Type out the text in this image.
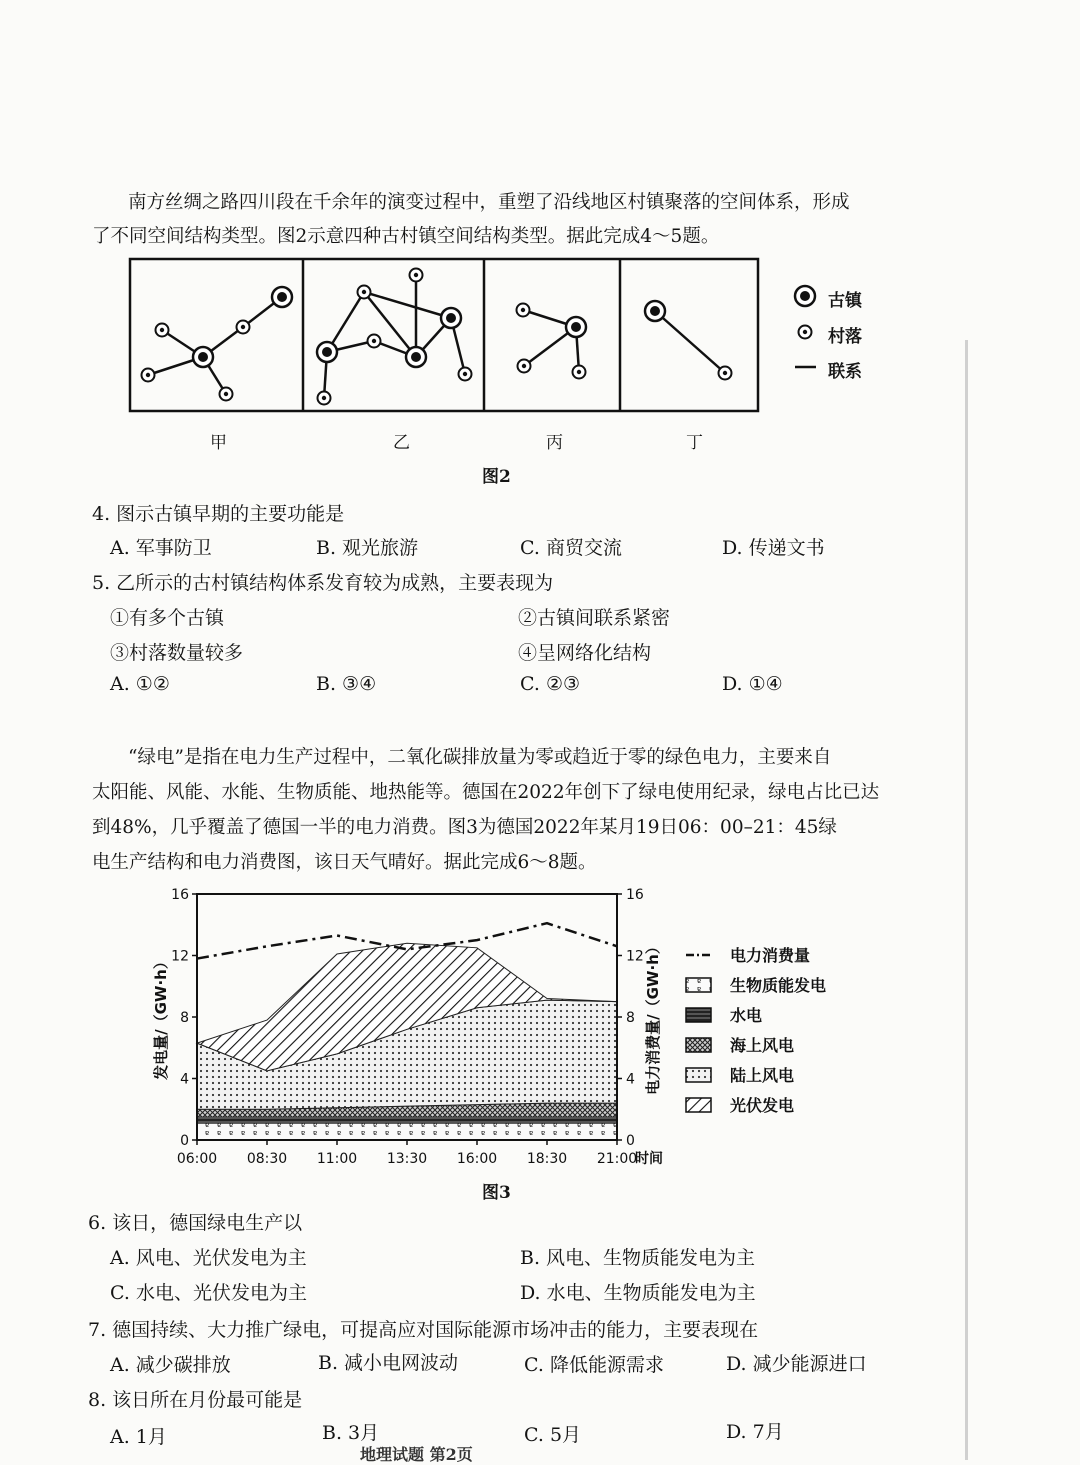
南方丝绸之路四川段在千余年的演变过程中，重塑了沿线地区村镇聚落的空间体系，形成

了不同空间结构类型。图2示意四种古村镇空间结构类型。据此完成4～5题。

古镇
村落
联系
甲	乙	丙	丁
图2
4. 图示古镇早期的主要功能是
A. 军事防卫	B. 观光旅游	C. 商贸交流	D. 传递文书
5. 乙所示的古村镇结构体系发育较为成熟，主要表现为
①有多个古镇	②古镇间联系紧密
③村落数量较多	④呈网络化结构
A. ①②	B. ③④	C. ②③	D. ①④

“绿电”是指在电力生产过程中，二氧化碳排放量为零或趋近于零的绿色电力，主要来自

太阳能、风能、水能、生物质能、地热能等。德国在2022年创下了绿电使用纪录，绿电占比已达

到48%，几乎覆盖了德国一半的电力消费。图3为德国2022年某月19日06：00–21：45绿

电生产结构和电力消费图，该日天气晴好。据此完成6～8题。

0	0
4	4
8	8
12	12
16	16
06:00 08:30 11:00 13:30 16:00 18:30 21:00
时间
发电量/（GW·h）	电力消费量/（GW·h）	电力消费量
生物质能发电
水电
海上风电
陆上风电
光伏发电
图3
6. 该日，德国绿电生产以
A. 风电、光伏发电为主	B. 风电、生物质能发电为主
C. 水电、光伏发电为主	D. 水电、生物质能发电为主
7. 德国持续、大力推广绿电，可提高应对国际能源市场冲击的能力，主要表现在
A. 减少碳排放	B. 减小电网波动	C. 降低能源需求	D. 减少能源进口
8. 该日所在月份最可能是
A. 1月	B. 3月	C. 5月	D. 7月
地理试题 第2页
